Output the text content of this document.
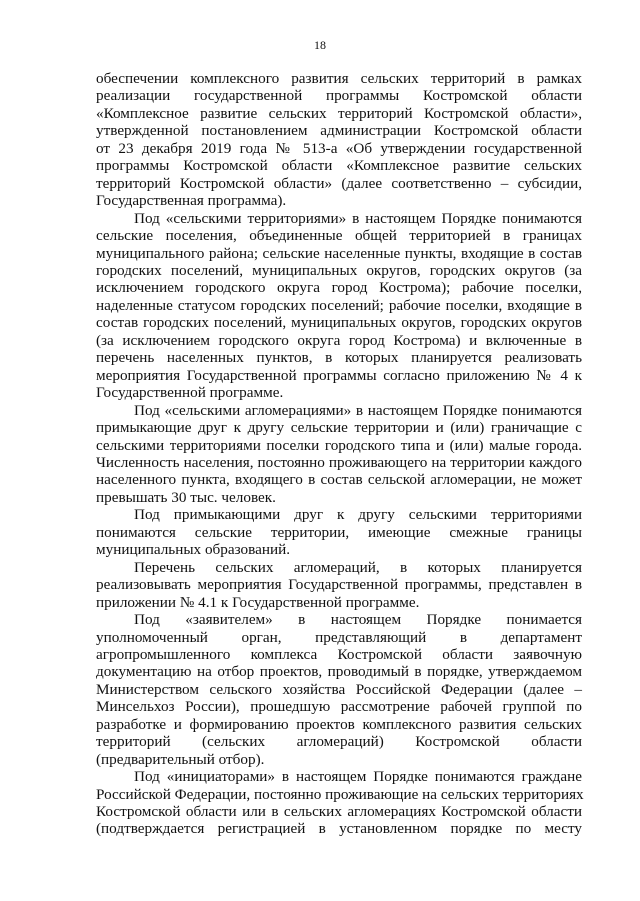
18

обеспечении комплексного развития сельских территорий в рамках
реализации государственной программы Костромской области
«Комплексное развитие сельских территорий Костромской области»,
утвержденной постановлением администрации Костромской области
от 23 декабря 2019 года № 513-а «Об утверждении государственной
программы Костромской области «Комплексное развитие сельских
территорий Костромской области» (далее соответственно – субсидии,
Государственная программа).

Под «сельскими территориями» в настоящем Порядке понимаются
сельские поселения, объединенные общей территорией в границах
муниципального района; сельские населенные пункты, входящие в состав
городских поселений, муниципальных округов, городских округов (за
исключением городского округа город Кострома); рабочие поселки,
наделенные статусом городских поселений; рабочие поселки, входящие в
состав городских поселений, муниципальных округов, городских округов
(за исключением городского округа город Кострома) и включенные в
перечень населенных пунктов, в которых планируется реализовать
мероприятия Государственной программы согласно приложению № 4 к
Государственной программе.

Под «сельскими агломерациями» в настоящем Порядке понимаются
примыкающие друг к другу сельские территории и (или) граничащие с
сельскими территориями поселки городского типа и (или) малые города.
Численность населения, постоянно проживающего на территории каждого
населенного пункта, входящего в состав сельской агломерации, не может
превышать 30 тыс. человек.

Под примыкающими друг к другу сельскими территориями
понимаются сельские территории, имеющие смежные границы
муниципальных образований.

Перечень сельских агломераций, в которых планируется
реализовывать мероприятия Государственной программы, представлен в
приложении № 4.1 к Государственной программе.

Под «заявителем» в настоящем Порядке понимается
уполномоченный орган, представляющий в департамент
агропромышленного комплекса Костромской области заявочную
документацию на отбор проектов, проводимый в порядке, утверждаемом
Министерством сельского хозяйства Российской Федерации (далее –
Минсельхоз России), прошедшую рассмотрение рабочей группой по
разработке и формированию проектов комплексного развития сельских
территорий (сельских агломераций) Костромской области
(предварительный отбор).

Под «инициаторами» в настоящем Порядке понимаются граждане
Российской Федерации, постоянно проживающие на сельских территориях
Костромской области или в сельских агломерациях Костромской области
(подтверждается регистрацией в установленном порядке по месту
